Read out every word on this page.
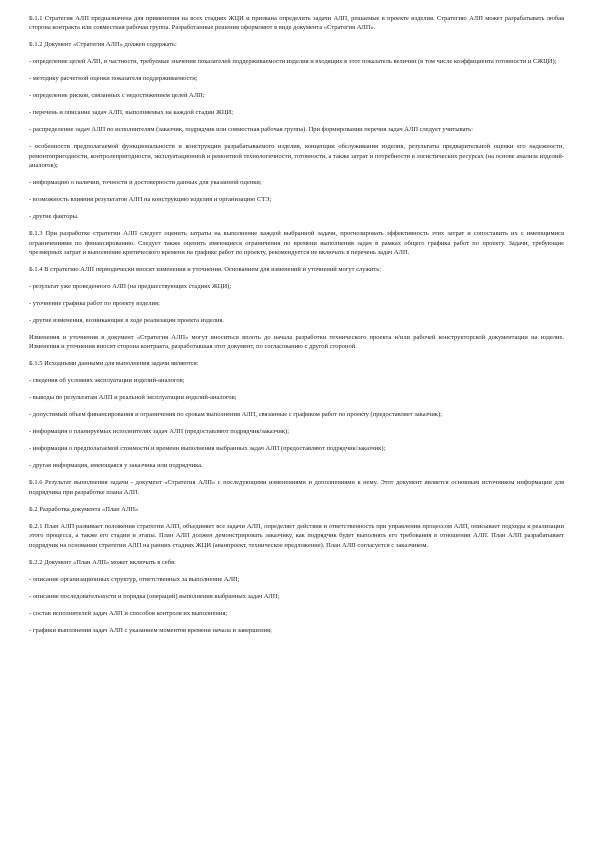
Б.1.1 Стратегия АЛП предназначена для применения на всех стадиях ЖЦИ и призвана определить задачи АЛП, решаемые в проекте изделия. Стратегию АЛП может разрабатывать любая сторона контракта или совместная рабочая группа. Разработанные решения оформляют в виде документа «Стратегия АЛП».

Б.1.2 Документ «Стратегия АЛП» должен содержать:

- определение целей АЛП, в частности, требуемые значения показателей поддерживаемости изделия и входящих в этот показатель величин (в том числе коэффициента готовности и СЖЦИ);

- методику расчетной оценки показателя поддерживаемости;

- определение рисков, связанных с недостижением целей АЛП;

- перечень и описание задач АЛП, выполняемых на каждой стадии ЖЦИ;

- распределение задач АЛП по исполнителям (заказчик, подрядчик или совместная рабочая группа). При формировании перечня задач АЛП следует учитывать:

- особенности предполагаемой функциональности и конструкции разрабатываемого изделия, концепции обслуживания изделия, результаты предварительной оценки его надежности, ремонтопригодности, контролепригодности, эксплуатационной и ремонтной технологичности, готовности, а также затрат и потребности в логистических ресурсах (на основе анализа изделий-аналогов);

- информацию о наличии, точности и достоверности данных для указанной оценки;

- возможность влияния результатов АЛП на конструкцию изделия и организацию СТЭ;

- другие факторы.

Б.1.3 При разработке стратегии АЛП следует оценить затраты на выполнение каждой выбранной задачи, прогнозировать эффективность этих затрат и сопоставить их с имеющимися ограничениями по финансированию. Следует также оценить имеющиеся ограничения по времени выполнения задач в рамках общего графика работ по проекту. Задачи, требующие чрезмерных затрат и выполнение критического времени на графике работ по проекту, рекомендуется не включать в перечень задач АЛП.

Б.1.4 В стратегию АЛП периодически вносят изменения и уточнения. Основанием для изменений и уточнений могут служить:

- результат уже проведенного АЛП (на предшествующих стадиях ЖЦИ);

- уточнение графика работ по проекту изделия;

- другие изменения, возникающие в ходе реализации проекта изделия.

Изменения и уточнения в документ «Стратегия АЛП» могут вноситься вплоть до начала разработки технического проекта и/или рабочей конструкторской документации на изделие. Изменения и уточнения вносит сторона контракта, разработавшая этот документ, по согласованию с другой стороной.

Б.1.5 Исходными данными для выполнения задачи являются:

- сведения об условиях эксплуатации изделий-аналогов;

- выводы по результатам АЛП и реальной эксплуатации изделий-аналогов;

- допустимый объем финансирования и ограничения по срокам выполнения АЛП, связанные с графиком работ по проекту (предоставляет заказчик);

- информация о планируемых исполнителях задач АЛП (предоставляют подрядчик/заказчик);

- информация о предполагаемой стоимости и времени выполнения выбранных задач АЛП (предоставляют подрядчик/заказчик);

- другая информация, имеющаяся у заказчика или подрядчика.

Б.1.6 Результат выполнения задачи - документ «Стратегия АЛП» с последующими изменениями и дополнениями к нему. Этот документ является основным источником информации для подрядчика при разработке плана АЛП.

Б.2 Разработка документа «План АЛП»

Б.2.1 План АЛП развивает положения стратегии АЛП, объединяет все задачи АЛП, определяет действия и ответственность при управлении процессом АЛП, описывает подходы к реализации этого процесса, а также его стадии и этапы. План АЛП должен демонстрировать заказчику, как подрядчик будет выполнять его требования в отношении АЛП. План АЛП разрабатывает подрядчик на основании стратегии АЛП на ранних стадиях ЖЦИ (аванпроект, техническое предложение). План АЛП согласуется с заказчиком.

Б.2.2 Документ «План АЛП» может включать в себя:

- описание организационных структур, ответственных за выполнение АЛП;

- описание последовательности и порядка (операций) выполнения выбранных задач АЛП;

- состав исполнителей задач АЛП и способов контроля их выполнения;

- графики выполнения задач АЛП с указанием моментов времени начала и завершения;
